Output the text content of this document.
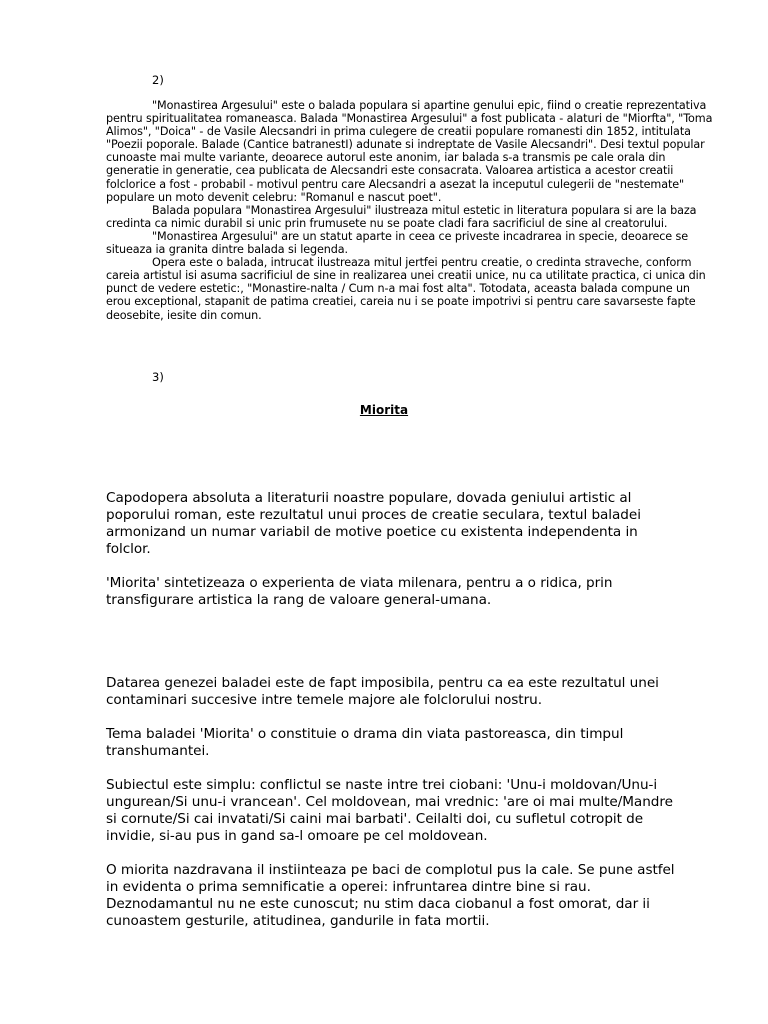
2)

"Monastirea Argesului" este o balada populara si apartine genului epic, fiind o creatie reprezentativa pentru spiritualitatea romaneasca. Balada "Monastirea Argesului" a fost publicata - alaturi de "Miorfta", "Toma Alimos", "Doica" - de Vasile Alecsandri in prima culegere de creatii populare romanesti din 1852, intitulata "Poezii poporale. Balade (Cantice batranestI) adunate si indreptate de Vasile Alecsandri". Desi textul popular cunoaste mai multe variante, deoarece autorul este anonim, iar balada s-a transmis pe cale orala din generatie in generatie, cea publicata de Alecsandri este consacrata. Valoarea artistica a acestor creatii folclorice a fost - probabil - motivul pentru care Alecsandri a asezat la inceputul culegerii de "nestemate" populare un moto devenit celebru: "Romanul e nascut poet".

Balada populara "Monastirea Argesului" ilustreaza mitul estetic in literatura populara si are la baza credinta ca nimic durabil si unic prin frumusete nu se poate cladi fara sacrificiul de sine al creatorului.

"Monastirea Argesului" are un statut aparte in ceea ce priveste incadrarea in specie, deoarece se situeaza ia granita dintre balada si legenda.

Opera este o balada, intrucat ilustreaza mitul jertfei pentru creatie, o credinta straveche, conform careia artistul isi asuma sacrificiul de sine in realizarea unei creatii unice, nu ca utilitate practica, ci unica din punct de vedere estetic:, "Monastire-nalta / Cum n-a mai fost alta". Totodata, aceasta balada compune un erou exceptional, stapanit de patima creatiei, careia nu i se poate impotrivi si pentru care savarseste fapte deosebite, iesite din comun.

3)
Miorita

Capodopera absoluta a literaturii noastre populare, dovada geniului artistic al poporului roman, este rezultatul unui proces de creatie seculara, textul baladei armonizand un numar variabil de motive poetice cu existenta independenta in folclor.

'Miorita' sintetizeaza o experienta de viata milenara, pentru a o ridica, prin transfigurare artistica la rang de valoare general-umana.

Datarea genezei baladei este de fapt imposibila, pentru ca ea este rezultatul unei contaminari succesive intre temele majore ale folclorului nostru.

Tema baladei 'Miorita' o constituie o drama din viata pastoreasca, din timpul transhumantei.

Subiectul este simplu: conflictul se naste intre trei ciobani: 'Unu-i moldovan/Unu-i ungurean/Si unu-i vrancean'. Cel moldovean, mai vrednic: 'are oi mai multe/Mandre si cornute/Si cai invatati/Si caini mai barbati'. Ceilalti doi, cu sufletul cotropit de invidie, si-au pus in gand sa-l omoare pe cel moldovean.

O miorita nazdravana il instiinteaza pe baci de complotul pus la cale. Se pune astfel in evidenta o prima semnificatie a operei: infruntarea dintre bine si rau. Deznodamantul nu ne este cunoscut; nu stim daca ciobanul a fost omorat, dar ii cunoastem gesturile, atitudinea, gandurile in fata mortii.
